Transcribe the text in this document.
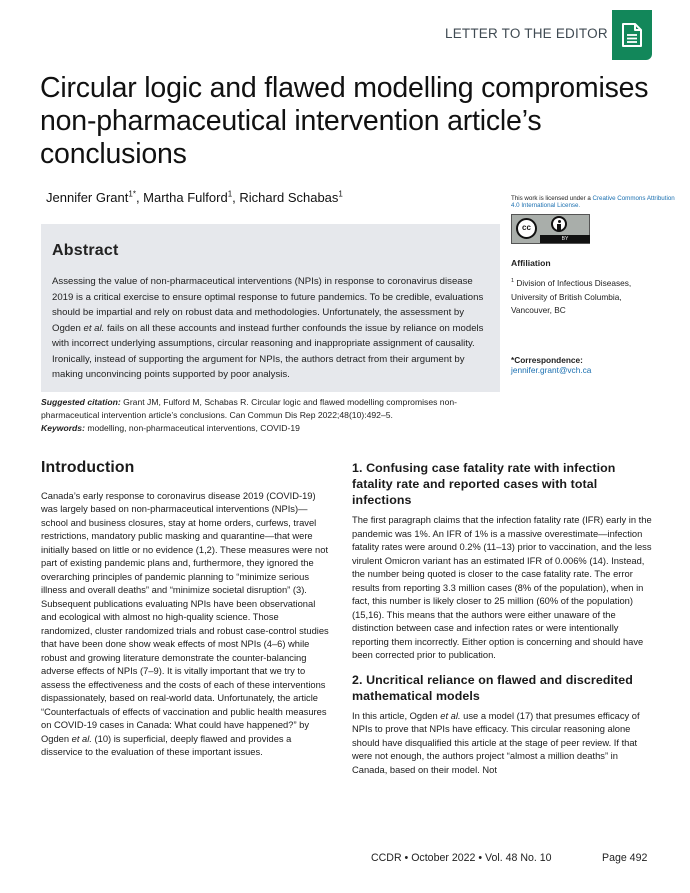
LETTER TO THE EDITOR
Circular logic and flawed modelling compromises non-pharmaceutical intervention article’s conclusions
Jennifer Grant$^{1*}$, Martha Fulford$^1$, Richard Schabas$^1$
Abstract

Assessing the value of non-pharmaceutical interventions (NPIs) in response to coronavirus disease 2019 is a critical exercise to ensure optimal response to future pandemics. To be credible, evaluations should be impartial and rely on robust data and methodologies. Unfortunately, the assessment by Ogden et al. fails on all these accounts and instead further confounds the issue by reliance on models with incorrect underlying assumptions, circular reasoning and inappropriate assignment of causality. Ironically, instead of supporting the argument for NPIs, the authors detract from their argument by making unconvincing points supported by poor analysis.

Suggested citation: Grant JM, Fulford M, Schabas R. Circular logic and flawed modelling compromises non-pharmaceutical intervention article’s conclusions. Can Commun Dis Rep 2022;48(10):492–5.
Keywords: modelling, non-pharmaceutical interventions, COVID-19
This work is licensed under a Creative Commons Attribution 4.0 International License.
cc
BY
Affiliation
$^1$ Division of Infectious Diseases,
University of British Columbia,
Vancouver, BC
*Correspondence:
jennifer.grant@vch.ca
Introduction

Canada’s early response to coronavirus disease 2019 (COVID-19) was largely based on non-pharmaceutical interventions (NPIs)—school and business closures, stay at home orders, curfews, travel restrictions, mandatory public masking and quarantine—that were initially based on little or no evidence (1,2). These measures were not part of existing pandemic plans and, furthermore, they ignored the overarching principles of pandemic planning to “minimize serious illness and overall deaths” and “minimize societal disruption” (3). Subsequent publications evaluating NPIs have been observational and ecological with almost no high-quality science. Those randomized, cluster randomized trials and robust case-control studies that have been done show weak effects of most NPIs (4–6) while robust and growing literature demonstrate the counter-balancing adverse effects of NPIs (7–9). It is vitally important that we try to assess the effectiveness and the costs of each of these interventions dispassionately, based on real-world data. Unfortunately, the article “Counterfactuals of effects of vaccination and public health measures on COVID-19 cases in Canada: What could have happened?” by Ogden et al. (10) is superficial, deeply flawed and provides a disservice to the evaluation of these important issues.

1. Confusing case fatality rate with infection fatality rate and reported cases with total infections

The first paragraph claims that the infection fatality rate (IFR) early in the pandemic was 1%. An IFR of 1% is a massive overestimate—infection fatality rates were around 0.2% (11–13) prior to vaccination, and the less virulent Omicron variant has an estimated IFR of 0.006% (14). Instead, the number being quoted is closer to the case fatality rate. The error results from reporting 3.3 million cases (8% of the population), when in fact, this number is likely closer to 25 million (60% of the population) (15,16). This means that the authors were either unaware of the distinction between case and infection rates or were intentionally reporting them incorrectly. Either option is concerning and should have been corrected prior to publication.

2. Uncritical reliance on flawed and discredited mathematical models

In this article, Ogden et al. use a model (17) that presumes efficacy of NPIs to prove that NPIs have efficacy. This circular reasoning alone should have disqualified this article at the stage of peer review. If that were not enough, the authors project “almost a million deaths” in Canada, based on their model. Not

CCDR • October 2022 • Vol. 48 No. 10	Page 492
